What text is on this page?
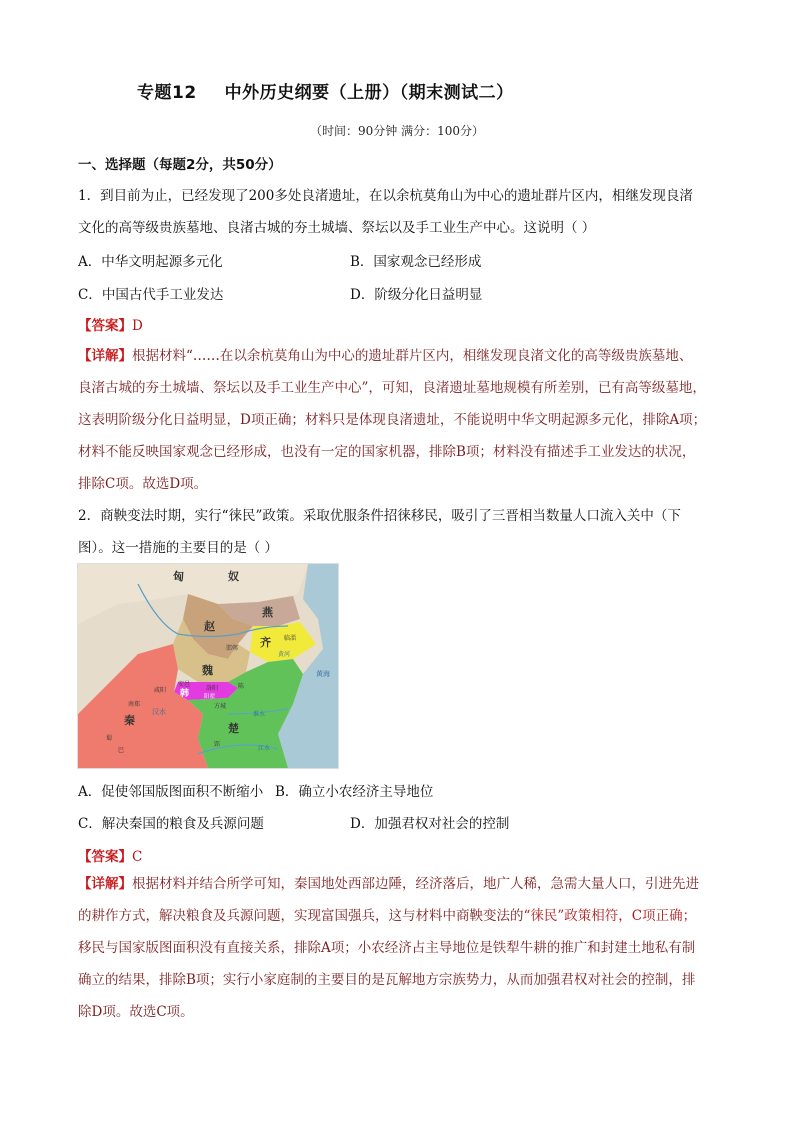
专题12 中外历史纲要（上册）（期末测试二）
（时间：90分钟 满分：100分）
一、选择题（每题2分，共50分）
1．到目前为止，已经发现了200多处良渚遗址，在以余杭莫角山为中心的遗址群片区内，相继发现良渚
文化的高等级贵族墓地、良渚古城的夯土城墙、祭坛以及手工业生产中心。这说明（ ）
A．中华文明起源多元化	B．国家观念已经形成
C．中国古代手工业发达	D．阶级分化日益明显
【答案】D
【详解】根据材料“……在以余杭莫角山为中心的遗址群片区内，相继发现良渚文化的高等级贵族墓地、
良渚古城的夯土城墙、祭坛以及手工业生产中心”，可知，良渚遗址墓地规模有所差别，已有高等级墓地，
这表明阶级分化日益明显，D项正确；材料只是体现良渚遗址，不能说明中华文明起源多元化，排除A项；
材料不能反映国家观念已经形成，也没有一定的国家机器，排除B项；材料没有描述手工业发达的状况，
排除C项。故选D项。
2．商鞅变法时期，实行“徕民”政策。采取优服条件招徕移民，吸引了三晋相当数量人口流入关中（下
图）。这一措施的主要目的是（ ）
匈	奴
燕
赵
齐
魏
韩
秦
楚
黄河
黄海
邯郸
临淄
洛阳
阳翟
安邑
咸阳
南郑
汉水
郢
巴
蜀
陈
方城
淮水
江水
A．促使邻国版图面积不断缩小 B．确立小农经济主导地位
C．解决秦国的粮食及兵源问题	D．加强君权对社会的控制
【答案】C
【详解】根据材料并结合所学可知，秦国地处西部边陲，经济落后，地广人稀，急需大量人口，引进先进
的耕作方式，解决粮食及兵源问题，实现富国强兵，这与材料中商鞅变法的“徕民”政策相符，C项正确；
移民与国家版图面积没有直接关系，排除A项；小农经济占主导地位是铁犁牛耕的推广和封建土地私有制
确立的结果，排除B项；实行小家庭制的主要目的是瓦解地方宗族势力，从而加强君权对社会的控制，排
除D项。故选C项。
